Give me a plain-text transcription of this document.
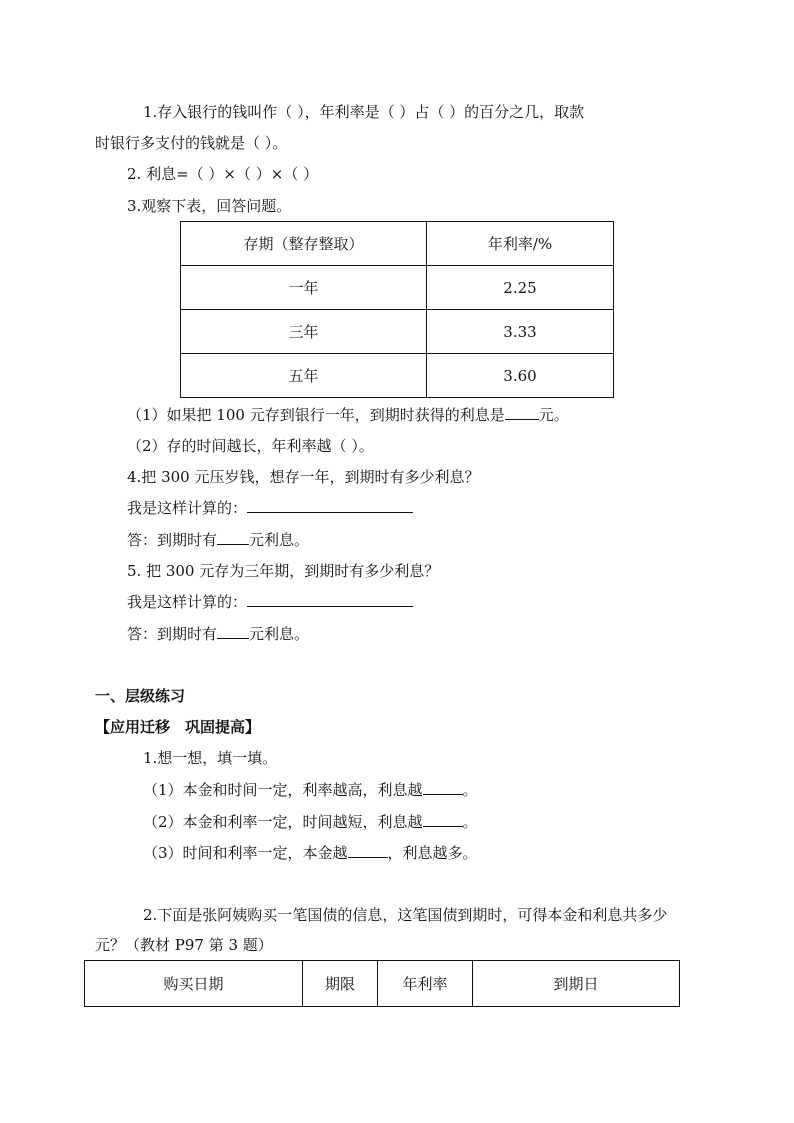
1.存入银行的钱叫作（ ），年利率是（ ）占（ ）的百分之几，取款
时银行多支付的钱就是（ ）。
2. 利息=（ ）×（ ）×（ ）
3.观察下表，回答问题。
存期（整存整取）	年利率/%
一年	2.25
三年	3.33
五年	3.60
（1）如果把 100 元存到银行一年，到期时获得的利息是 元。
（2）存的时间越长，年利率越（ ）。
4.把 300 元压岁钱，想存一年，到期时有多少利息？
我是这样计算的：
答：到期时有 元利息。
5. 把 300 元存为三年期，到期时有多少利息？
我是这样计算的：
答：到期时有 元利息。
一、层级练习
【应用迁移　巩固提高】
1.想一想，填一填。
（1）本金和时间一定，利率越高，利息越	。
（2）本金和利率一定，时间越短，利息越	。
（3）时间和利率一定，本金越	，利息越多。
2.下面是张阿姨购买一笔国债的信息，这笔国债到期时，可得本金和利息共多少
元？（教材 P97 第 3 题）
购买日期	期限	年利率	到期日
